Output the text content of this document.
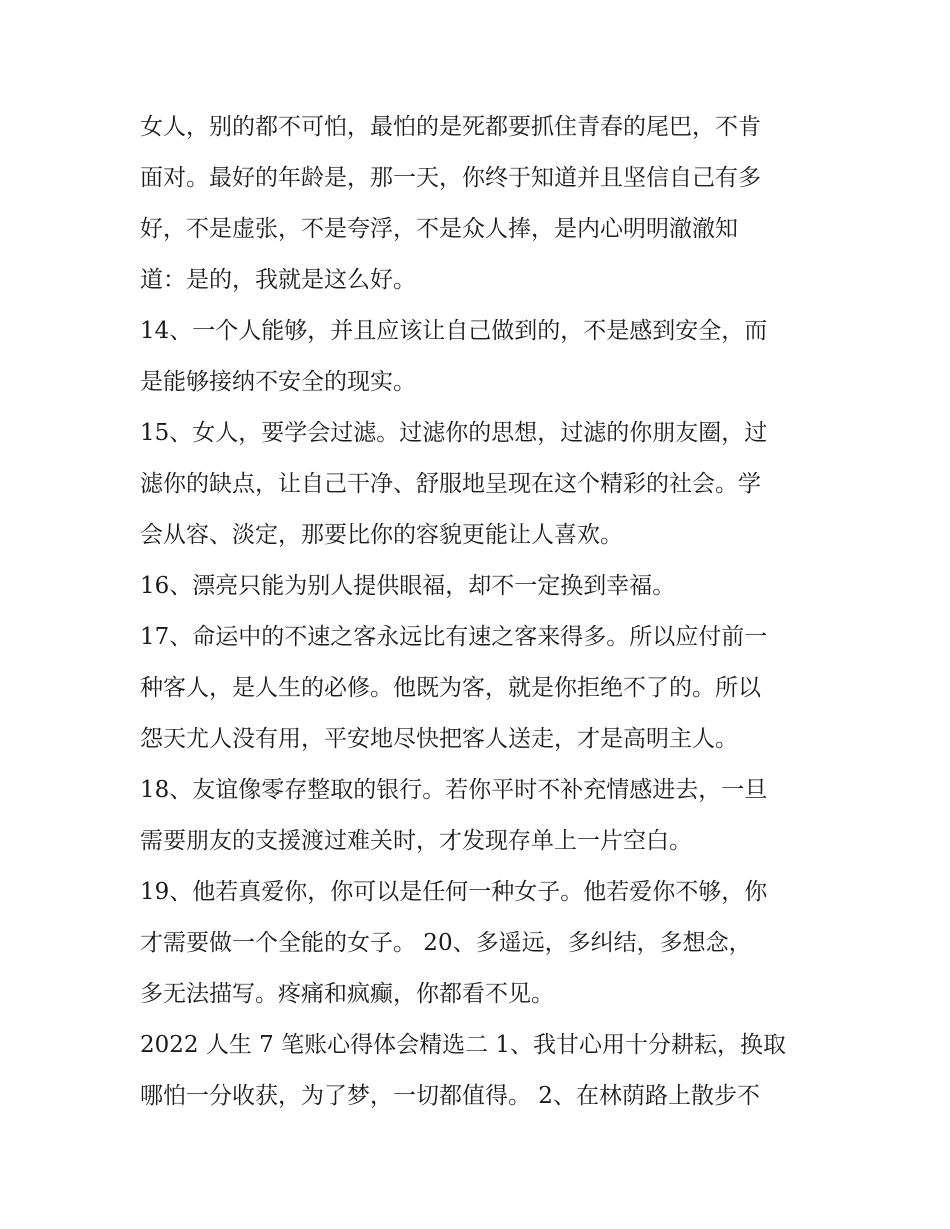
女人，别的都不可怕，最怕的是死都要抓住青春的尾巴，不肯
面对。最好的年龄是，那一天，你终于知道并且坚信自己有多
好，不是虚张，不是夸浮，不是众人捧，是内心明明澈澈知
道：是的，我就是这么好。
14、一个人能够，并且应该让自己做到的，不是感到安全，而
是能够接纳不安全的现实。
15、女人，要学会过滤。过滤你的思想，过滤的你朋友圈，过
滤你的缺点，让自己干净、舒服地呈现在这个精彩的社会。学
会从容、淡定，那要比你的容貌更能让人喜欢。
16、漂亮只能为别人提供眼福，却不一定换到幸福。
17、命运中的不速之客永远比有速之客来得多。所以应付前一
种客人，是人生的必修。他既为客，就是你拒绝不了的。所以
怨天尤人没有用，平安地尽快把客人送走，才是高明主人。
18、友谊像零存整取的银行。若你平时不补充情感进去，一旦
需要朋友的支援渡过难关时，才发现存单上一片空白。
19、他若真爱你，你可以是任何一种女子。他若爱你不够，你
才需要做一个全能的女子。 20、多遥远，多纠结，多想念，
多无法描写。疼痛和疯癫，你都看不见。
2022 人生 7 笔账心得体会精选二 1、我甘心用十分耕耘，换取
哪怕一分收获，为了梦，一切都值得。 2、在林荫路上散步不
